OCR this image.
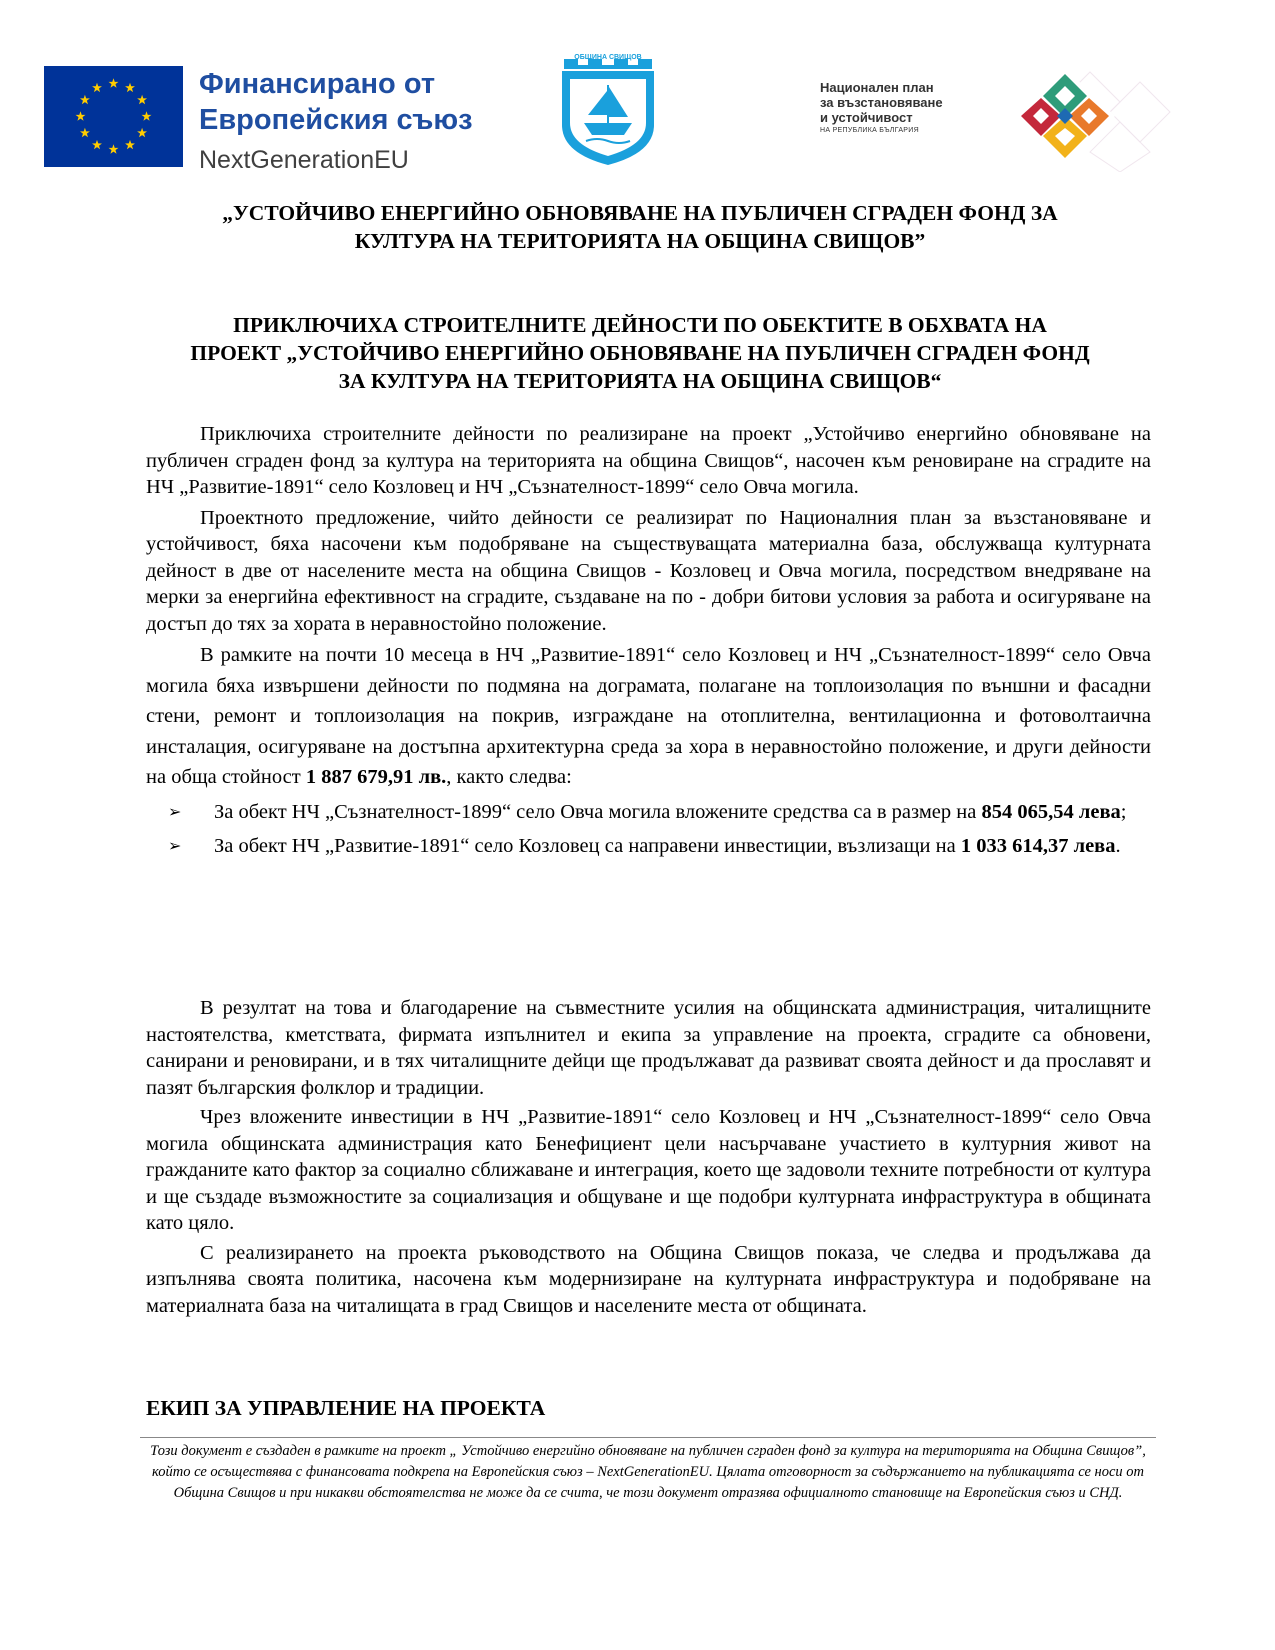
Финансирано от
Европейския съюз
NextGenerationEU
ОБЩИНА СВИЩОВ
Национален план
за възстановяване
и устойчивост
НА РЕПУБЛИКА БЪЛГАРИЯ
„УСТОЙЧИВО ЕНЕРГИЙНО ОБНОВЯВАНЕ НА ПУБЛИЧЕН СГРАДЕН ФОНД ЗА
КУЛТУРА НА ТЕРИТОРИЯТА НА ОБЩИНА СВИЩОВ”
ПРИКЛЮЧИХА СТРОИТЕЛНИТЕ ДЕЙНОСТИ ПО ОБЕКТИТЕ В ОБХВАТА НА
ПРОЕКТ „УСТОЙЧИВО ЕНЕРГИЙНО ОБНОВЯВАНЕ НА ПУБЛИЧЕН СГРАДЕН ФОНД
ЗА КУЛТУРА НА ТЕРИТОРИЯТА НА ОБЩИНА СВИЩОВ“

Приключиха строителните дейности по реализиране на проект „Устойчиво енергийно обновяване на публичен сграден фонд за култура на територията на община Свищов“, насочен към реновиране на сградите на НЧ „Развитие-1891“ село Козловец и НЧ „Съзнателност-1899“ село Овча могила.

Проектното предложение, чийто дейности се реализират по Националния план за възстановяване и устойчивост, бяха насочени към подобряване на съществуващата материална база, обслужваща културната дейност в две от населените места на община Свищов - Козловец и Овча могила, посредством внедряване на мерки за енергийна ефективност на сградите, създаване на по - добри битови условия за работа и осигуряване на достъп до тях за хората в неравностойно положение.

В рамките на почти 10 месеца в НЧ „Развитие-1891“ село Козловец и НЧ „Съзнателност-1899“ село Овча могила бяха извършени дейности по подмяна на дограмата, полагане на топлоизолация по външни и фасадни стени, ремонт и топлоизолация на покрив, изграждане на отоплителна, вентилационна и фотоволтаична инсталация, осигуряване на достъпна архитектурна среда за хора в неравностойно положение, и други дейности на обща стойност 1 887 679,91 лв., както следва:

➢ За обект НЧ „Съзнателност-1899“ село Овча могила вложените средства са в размер на 854 065,54 лева;

➢ За обект НЧ „Развитие-1891“ село Козловец са направени инвестиции, възлизащи на 1 033 614,37 лева.

В резултат на това и благодарение на съвместните усилия на общинската администрация, читалищните настоятелства, кметствата, фирмата изпълнител и екипа за управление на проекта, сградите са обновени, санирани и реновирани, и в тях читалищните дейци ще продължават да развиват своята дейност и да прославят и пазят българския фолклор и традиции.

Чрез вложените инвестиции в НЧ „Развитие-1891“ село Козловец и НЧ „Съзнателност-1899“ село Овча могила общинската администрация като Бенефициент цели насърчаване участието в културния живот на гражданите като фактор за социално сближаване и интеграция, което ще задоволи техните потребности от култура и ще създаде възможностите за социализация и общуване и ще подобри културната инфраструктура в общината като цяло.

С реализирането на проекта ръководството на Община Свищов показа, че следва и продължава да изпълнява своята политика, насочена към модернизиране на културната инфраструктура и подобряване на материалната база на читалищата в град Свищов и населените места от общината.

ЕКИП ЗА УПРАВЛЕНИЕ НА ПРОЕКТА
Този документ е създаден в рамките на проект „ Устойчиво енергийно обновяване на публичен сграден фонд за култура на територията на Община Свищов”, който се осъществява с финансовата подкрепа на Европейския съюз – NextGenerationEU. Цялата отговорност за съдържанието на публикацията се носи от Община Свищов и при никакви обстоятелства не може да се счита, че този документ отразява официалното становище на Европейския съюз и СНД.
